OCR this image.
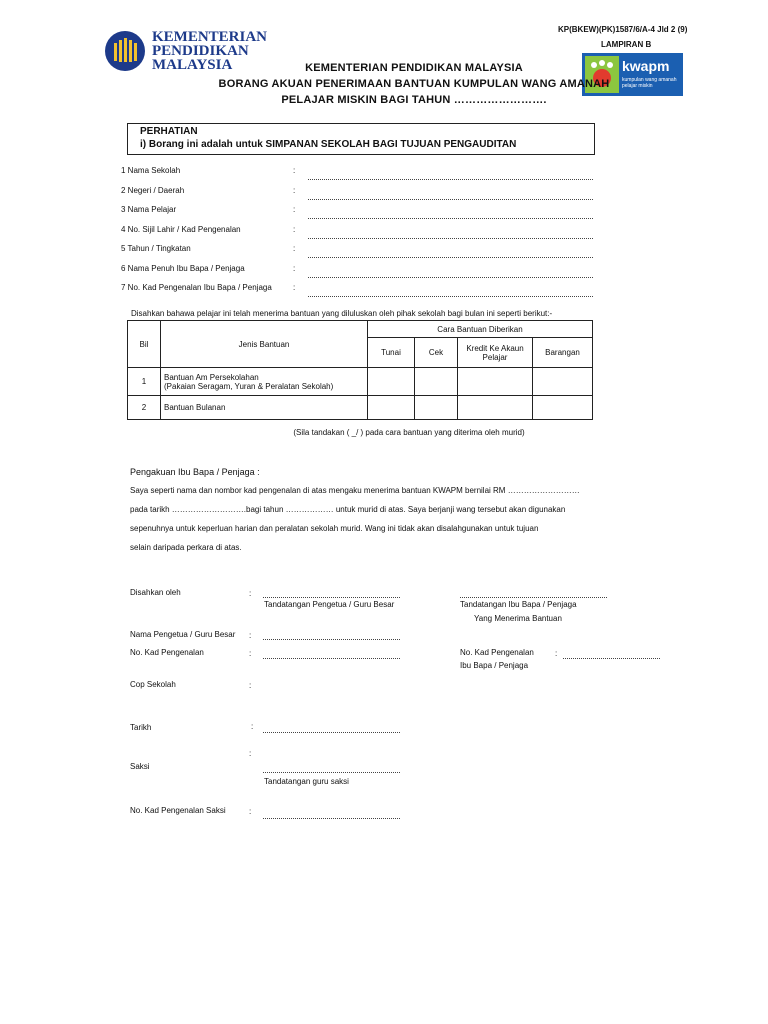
KP(BKEW)(PK)1587/6/A-4 Jld 2 (9)
LAMPIRAN B
KEMENTERIAN
PENDIDIKAN
MALAYSIA	kwapm
kumpulan wang amanah
pelajar miskin
KEMENTERIAN PENDIDIKAN MALAYSIA
BORANG AKUAN PENERIMAAN BANTUAN KUMPULAN WANG AMANAH
PELAJAR MISKIN BAGI TAHUN …………………….
PERHATIAN
i) Borang ini adalah untuk SIMPANAN SEKOLAH BAGI TUJUAN PENGAUDITAN
1 Nama Sekolah	:
2 Negeri / Daerah	:
3 Nama Pelajar	:
4 No. Sijil Lahir / Kad Pengenalan	:
5 Tahun / Tingkatan	:
6 Nama Penuh Ibu Bapa / Penjaga	:
7 No. Kad Pengenalan Ibu Bapa / Penjaga	:
Disahkan bahawa pelajar ini telah menerima bantuan yang diluluskan oleh pihak sekolah bagi bulan ini seperti berikut:-
Bil	Jenis Bantuan	Cara Bantuan Diberikan			
		Tunai	Cek	Kredit Ke Akaun Pelajar	Barangan
1	Bantuan Am Persekolahan
(Pakaian Seragam, Yuran & Peralatan Sekolah)				

2	Bantuan Bulanan				
(Sila tandakan ( _/ ) pada cara bantuan yang diterima oleh murid)
Pengakuan Ibu Bapa / Penjaga :
Saya seperti nama dan nombor kad pengenalan di atas mengaku menerima bantuan KWAPM bernilai RM ………………………
pada tarikh ……………………….bagi tahun ……………… untuk murid di atas. Saya berjanji wang tersebut akan digunakan
sepenuhnya untuk keperluan harian dan peralatan sekolah murid. Wang ini tidak akan disalahgunakan untuk tujuan
selain daripada perkara di atas.
Disahkan oleh	:
Tandatangan Pengetua / Guru Besar	Tandatangan Ibu Bapa / Penjaga
Yang Menerima Bantuan
Nama Pengetua / Guru Besar :
No. Kad Pengenalan	:	No. Kad Pengenalan
Ibu Bapa / Penjaga
:
Cop Sekolah	:
Tarikh	:
:
Saksi
Tandatangan guru saksi
No. Kad Pengenalan Saksi	:
